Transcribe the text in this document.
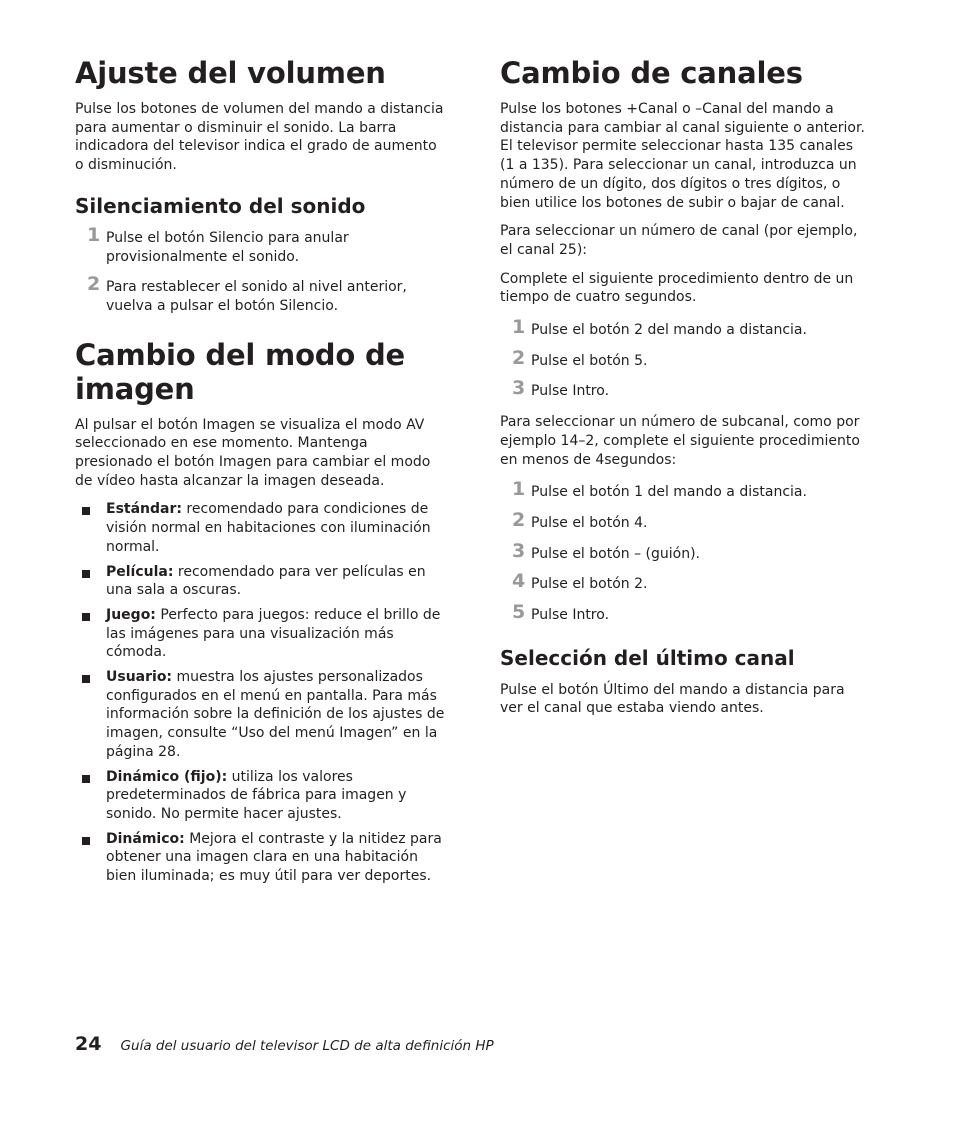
Ajuste del volumen

Pulse los botones de volumen del mando a distancia para aumentar o disminuir el sonido. La barra indicadora del televisor indica el grado de aumento o disminución.

Silenciamiento del sonido
1 Pulse el botón Silencio para anular provisionalmente el sonido.
2 Para restablecer el sonido al nivel anterior, vuelva a pulsar el botón Silencio.
Cambio del modo de imagen

Al pulsar el botón Imagen se visualiza el modo AV seleccionado en ese momento. Mantenga presionado el botón Imagen para cambiar el modo de vídeo hasta alcanzar la imagen deseada.

Estándar: recomendado para condiciones de visión normal en habitaciones con iluminación normal.
Película: recomendado para ver películas en una sala a oscuras.
Juego: Perfecto para juegos: reduce el brillo de las imágenes para una visualización más cómoda.
Usuario: muestra los ajustes personalizados configurados en el menú en pantalla. Para más información sobre la definición de los ajustes de imagen, consulte “Uso del menú Imagen” en la página 28.
Dinámico (fijo): utiliza los valores predeterminados de fábrica para imagen y sonido. No permite hacer ajustes.
Dinámico: Mejora el contraste y la nitidez para obtener una imagen clara en una habitación bien iluminada; es muy útil para ver deportes.
Cambio de canales

Pulse los botones +Canal o –Canal del mando a distancia para cambiar al canal siguiente o anterior. El televisor permite seleccionar hasta 135 canales (1 a 135). Para seleccionar un canal, introduzca un número de un dígito, dos dígitos o tres dígitos, o bien utilice los botones de subir o bajar de canal.

Para seleccionar un número de canal (por ejemplo, el canal 25):

Complete el siguiente procedimiento dentro de un tiempo de cuatro segundos.

1 Pulse el botón 2 del mando a distancia.
2 Pulse el botón 5.
3 Pulse Intro.

Para seleccionar un número de subcanal, como por ejemplo 14–2, complete el siguiente procedimiento en menos de 4segundos:

1 Pulse el botón 1 del mando a distancia.
2 Pulse el botón 4.
3 Pulse el botón – (guión).
4 Pulse el botón 2.
5 Pulse Intro.
Selección del último canal

Pulse el botón Último del mando a distancia para ver el canal que estaba viendo antes.

24 Guía del usuario del televisor LCD de alta definición HP
